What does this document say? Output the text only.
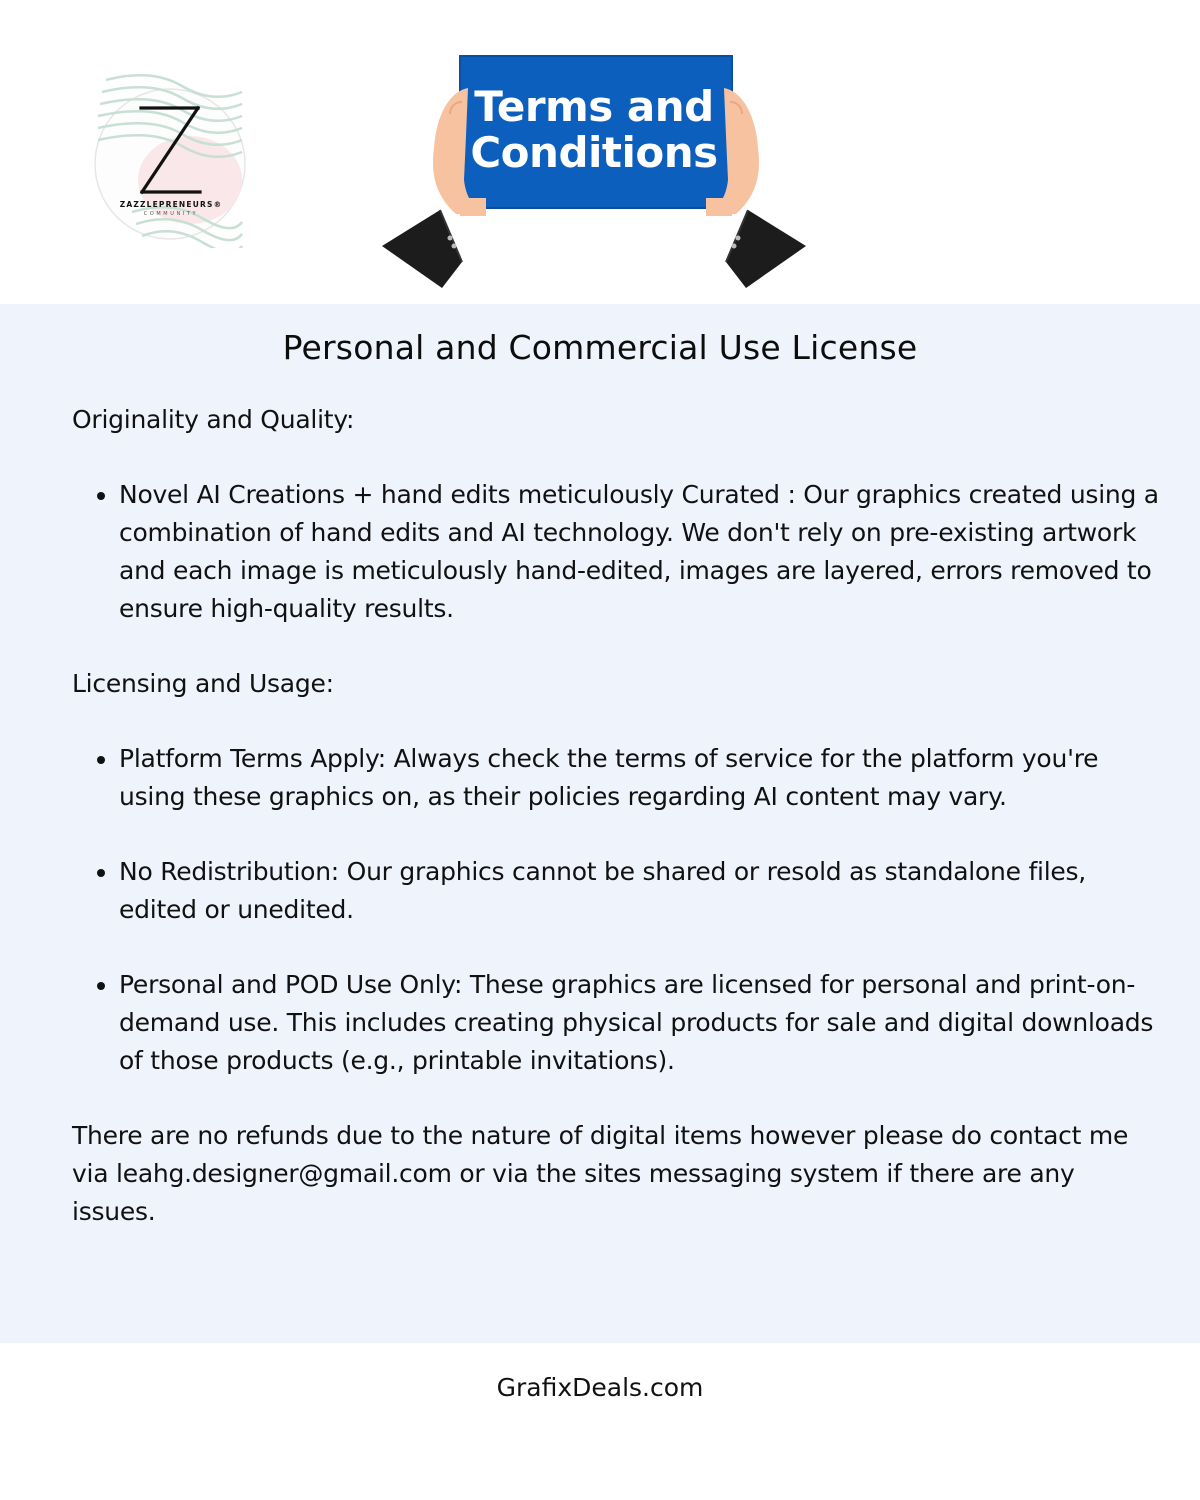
ZAZZLEPRENEURS®
COMMUNITY
Terms and
Conditions
Personal and Commercial Use License

Originality and Quality:

• Novel AI Creations + hand edits meticulously Curated : Our graphics created using a combination of hand edits and AI technology. We don't rely on pre-existing artwork and each image is meticulously hand-edited, images are layered, errors removed to ensure high-quality results.

Licensing and Usage:

• Platform Terms Apply: Always check the terms of service for the platform you're using these graphics on, as their policies regarding AI content may vary.
• No Redistribution: Our graphics cannot be shared or resold as standalone files, edited or unedited.
• Personal and POD Use Only: These graphics are licensed for personal and print-on-demand use. This includes creating physical products for sale and digital downloads of those products (e.g., printable invitations).

There are no refunds due to the nature of digital items however please do contact me via leahg.designer@gmail.com or via the sites messaging system if there are any issues.

GrafixDeals.com
